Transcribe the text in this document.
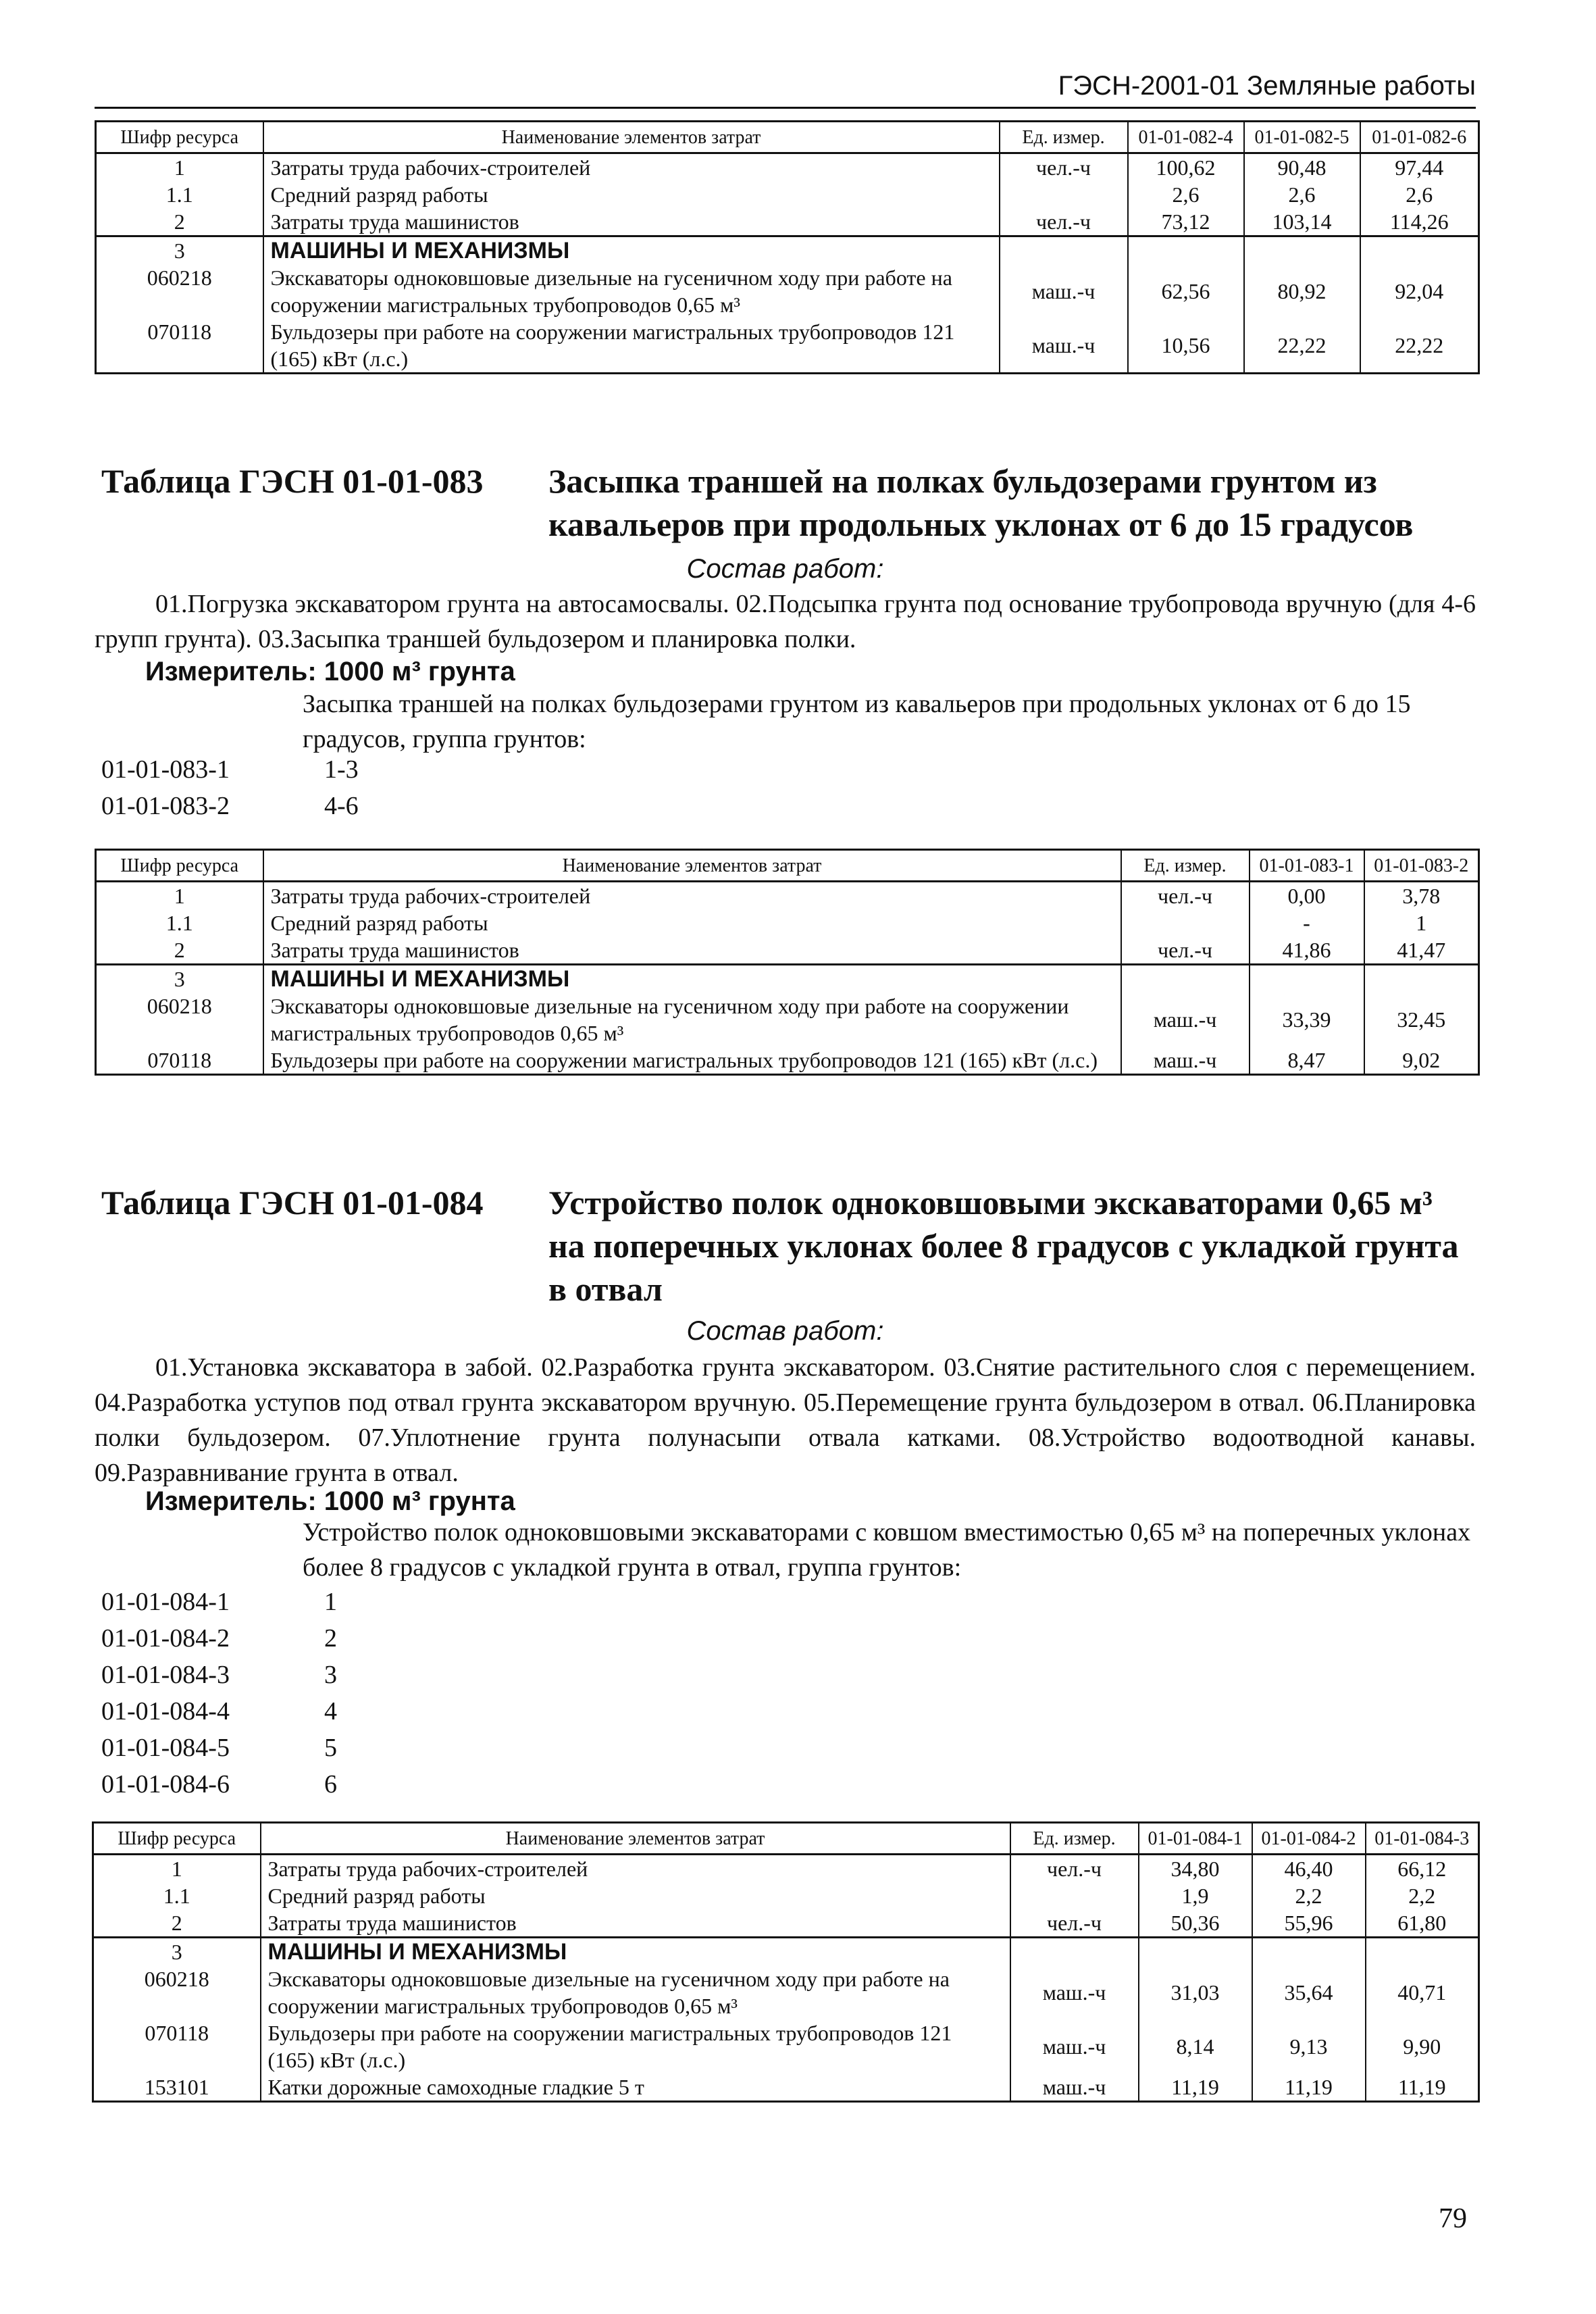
ГЭСН-2001-01 Земляные работы
Шифр ресурса	Наименование элементов затрат	Ед. измер.	01-01-082-4	01-01-082-5	01-01-082-6
1	Затраты труда рабочих-строителей	чел.-ч	100,62	90,48	97,44
1.1	Средний разряд работы		2,6	2,6	2,6
2	Затраты труда машинистов	чел.-ч	73,12	103,14	114,26
3	МАШИНЫ И МЕХАНИЗМЫ				
060218	Экскаваторы одноковшовые дизельные на гусеничном ходу при работе на сооружении магистральных трубопроводов 0,65 м³	маш.-ч	62,56	80,92	92,04
070118	Бульдозеры при работе на сооружении магистральных трубопроводов 121 (165) кВт (л.с.)	маш.-ч	10,56	22,22	22,22
Таблица ГЭСН 01-01-083 Засыпка траншей на полках бульдозерами грунтом из кавальеров при продольных уклонах от 6 до 15 градусов
Состав работ:
01.Погрузка экскаватором грунта на автосамосвалы. 02.Подсыпка грунта под основание трубопровода вручную (для 4-6 групп грунта). 03.Засыпка траншей бульдозером и планировка полки.
Измеритель: 1000 м³ грунта
Засыпка траншей на полках бульдозерами грунтом из кавальеров при продольных уклонах от 6 до 15 градусов, группа грунтов:
01-01-083-1	1-3
01-01-083-2	4-6
Шифр ресурса	Наименование элементов затрат	Ед. измер.	01-01-083-1	01-01-083-2
1	Затраты труда рабочих-строителей	чел.-ч	0,00	3,78
1.1	Средний разряд работы		-	1
2	Затраты труда машинистов	чел.-ч	41,86	41,47
3	МАШИНЫ И МЕХАНИЗМЫ			
060218	Экскаваторы одноковшовые дизельные на гусеничном ходу при работе на сооружении магистральных трубопроводов 0,65 м³	маш.-ч	33,39	32,45
070118	Бульдозеры при работе на сооружении магистральных трубопроводов 121 (165) кВт (л.с.)	маш.-ч	8,47	9,02
Таблица ГЭСН 01-01-084 Устройство полок одноковшовыми экскаваторами 0,65 м³ на поперечных уклонах более 8 градусов с укладкой грунта в отвал
Состав работ:
01.Установка экскаватора в забой. 02.Разработка грунта экскаватором. 03.Снятие растительного слоя с перемещением. 04.Разработка уступов под отвал грунта экскаватором вручную. 05.Перемещение грунта бульдозером в отвал. 06.Планировка полки бульдозером. 07.Уплотнение грунта полунасыпи отвала катками. 08.Устройство водоотводной канавы. 09.Разравнивание грунта в отвал.
Измеритель: 1000 м³ грунта
Устройство полок одноковшовыми экскаваторами с ковшом вместимостью 0,65 м³ на поперечных уклонах более 8 градусов с укладкой грунта в отвал, группа грунтов:
01-01-084-1	1
01-01-084-2	2
01-01-084-3	3
01-01-084-4	4
01-01-084-5	5
01-01-084-6	6
Шифр ресурса	Наименование элементов затрат	Ед. измер.	01-01-084-1	01-01-084-2	01-01-084-3
1	Затраты труда рабочих-строителей	чел.-ч	34,80	46,40	66,12
1.1	Средний разряд работы		1,9	2,2	2,2
2	Затраты труда машинистов	чел.-ч	50,36	55,96	61,80
3	МАШИНЫ И МЕХАНИЗМЫ				
060218	Экскаваторы одноковшовые дизельные на гусеничном ходу при работе на сооружении магистральных трубопроводов 0,65 м³	маш.-ч	31,03	35,64	40,71
070118	Бульдозеры при работе на сооружении магистральных трубопроводов 121 (165) кВт (л.с.)	маш.-ч	8,14	9,13	9,90
153101	Катки дорожные самоходные гладкие 5 т	маш.-ч	11,19	11,19	11,19
79
